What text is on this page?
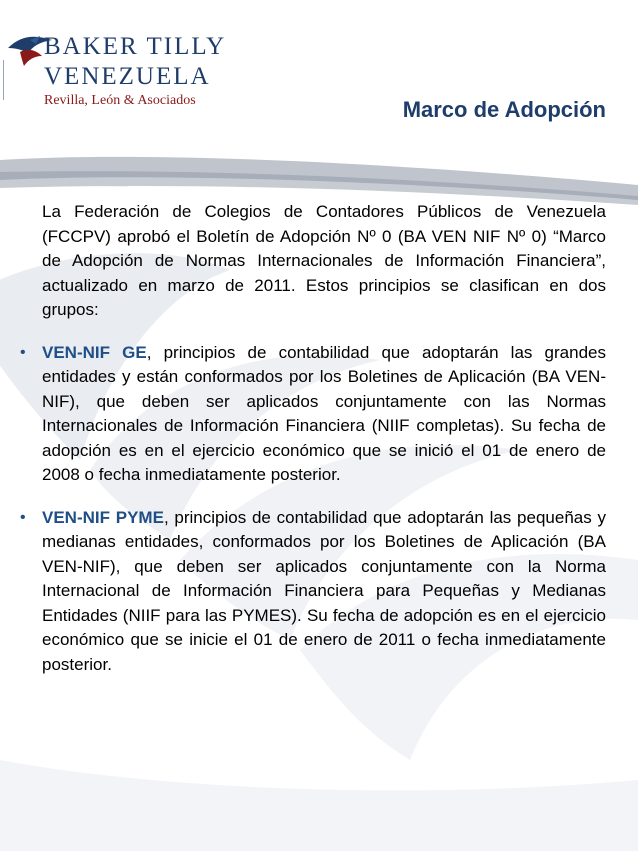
BAKER TILLY
VENEZUELA
Revilla, León & Asociados	Marco de Adopción

La Federación de Colegios de Contadores Públicos de Venezuela (FCCPV) aprobó el Boletín de Adopción Nº 0 (BA VEN NIF Nº 0) “Marco de Adopción de Normas Internacionales de Información Financiera”, actualizado en marzo de 2011. Estos principios se clasifican en dos grupos:

• VEN-NIF GE, principios de contabilidad que adoptarán las grandes entidades y están conformados por los Boletines de Aplicación (BA VEN-NIF), que deben ser aplicados conjuntamente con las Normas Internacionales de Información Financiera (NIIF completas). Su fecha de adopción es en el ejercicio económico que se inició el 01 de enero de 2008 o fecha inmediatamente posterior.
• VEN-NIF PYME, principios de contabilidad que adoptarán las pequeñas y medianas entidades, conformados por los Boletines de Aplicación (BA VEN-NIF), que deben ser aplicados conjuntamente con la Norma Internacional de Información Financiera para Pequeñas y Medianas Entidades (NIIF para las PYMES). Su fecha de adopción es en el ejercicio económico que se inicie el 01 de enero de 2011 o fecha inmediatamente posterior.
